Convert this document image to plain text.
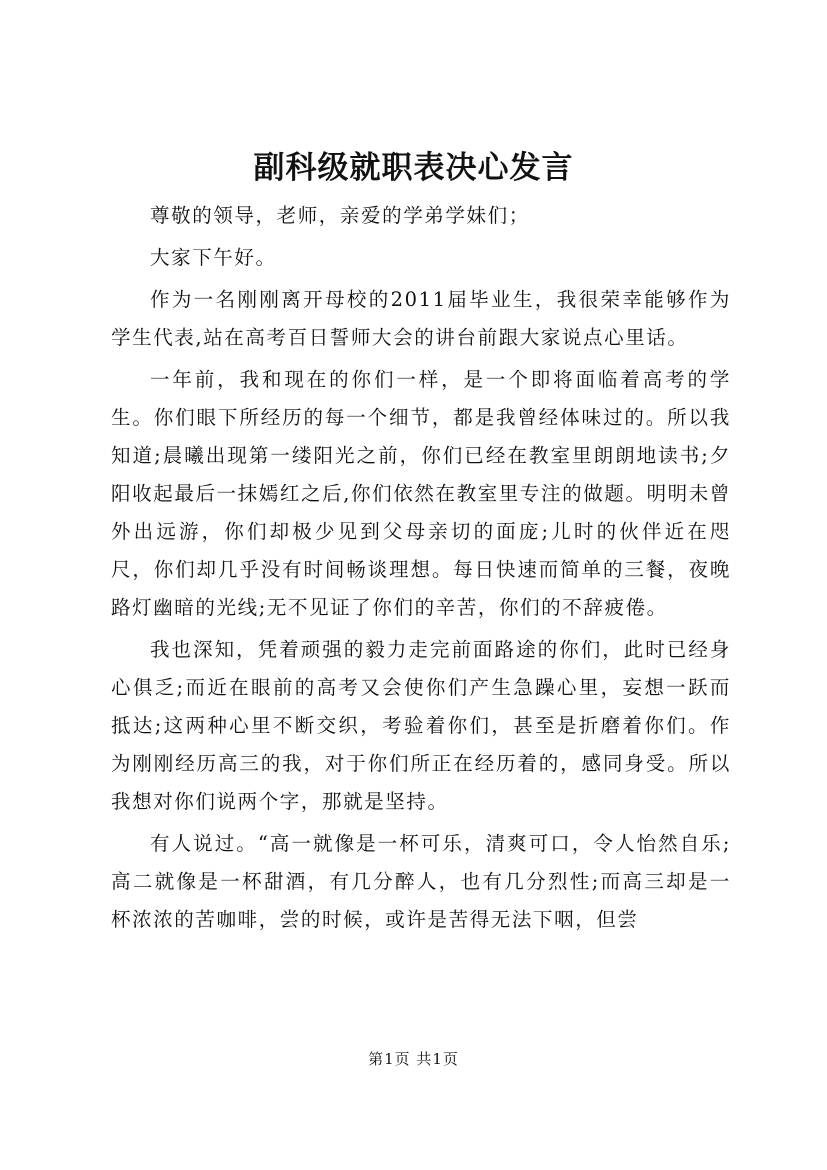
副科级就职表决心发言

尊敬的领导，老师，亲爱的学弟学妹们；

大家下午好。

作为一名刚刚离开母校的2011届毕业生，我很荣幸能够作为学生代表,站在高考百日誓师大会的讲台前跟大家说点心里话。

一年前，我和现在的你们一样，是一个即将面临着高考的学生。你们眼下所经历的每一个细节，都是我曾经体味过的。所以我知道;晨曦出现第一缕阳光之前，你们已经在教室里朗朗地读书;夕阳收起最后一抹嫣红之后,你们依然在教室里专注的做题。明明未曾外出远游，你们却极少见到父母亲切的面庞;儿时的伙伴近在咫尺，你们却几乎没有时间畅谈理想。每日快速而简单的三餐，夜晚路灯幽暗的光线;无不见证了你们的辛苦，你们的不辞疲倦。

我也深知，凭着顽强的毅力走完前面路途的你们，此时已经身心俱乏;而近在眼前的高考又会使你们产生急躁心里，妄想一跃而抵达;这两种心里不断交织，考验着你们，甚至是折磨着你们。作为刚刚经历高三的我，对于你们所正在经历着的，感同身受。所以我想对你们说两个字，那就是坚持。

有人说过。“高一就像是一杯可乐，清爽可口，令人怡然自乐;高二就像是一杯甜酒，有几分醉人，也有几分烈性;而高三却是一杯浓浓的苦咖啡，尝的时候，或许是苦得无法下咽，但尝

第1页 共1页
